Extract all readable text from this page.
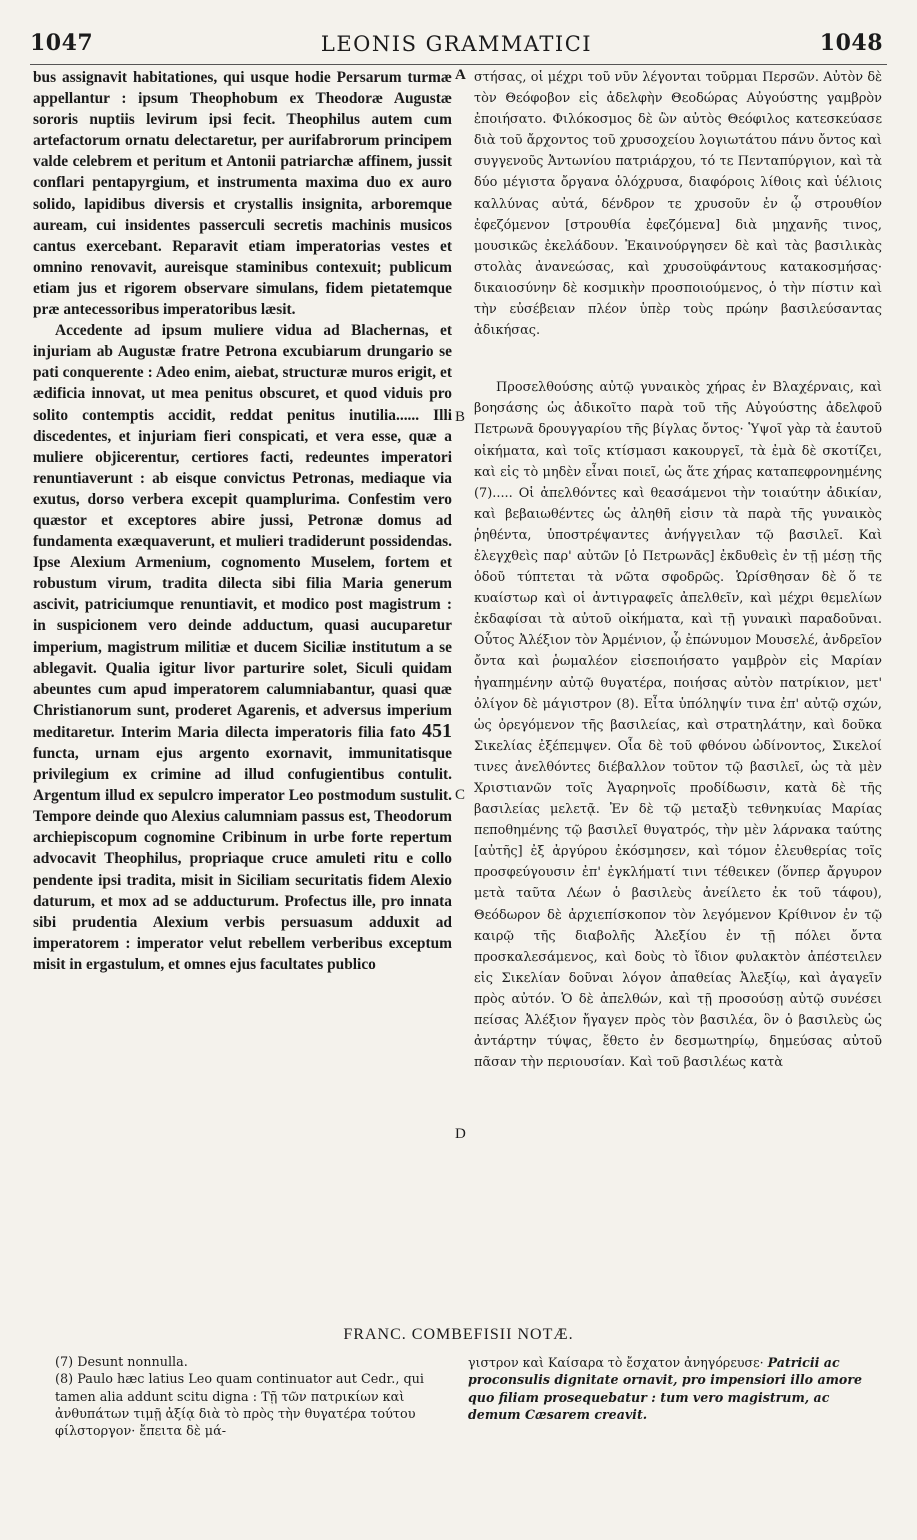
1047	LEONIS GRAMMATICI	1048

bus assignavit habitationes, qui usque hodie Persarum turmæ appellantur : ipsum Theophobum ex Theodoræ Augustæ sororis nuptiis levirum ipsi fecit. Theophilus autem cum artefactorum ornatu delectaretur, per aurifabrorum principem valde celebrem et peritum et Antonii patriarchæ affinem, jussit conflari pentapyrgium, et instrumenta maxima duo ex auro solido, lapidibus diversis et crystallis insignita, arboremque auream, cui insidentes passerculi secretis machinis musicos cantus exercebant. Reparavit etiam imperatorias vestes et omnino renovavit, aureisque staminibus contexuit; publicum etiam jus et rigorem observare simulans, fidem pietatemque præ antecessoribus imperatoribus læsit.

Accedente ad ipsum muliere vidua ad Blachernas, et injuriam ab Augustæ fratre Petrona excubiarum drungario se pati conquerente : Adeo enim, aiebat, structuræ muros erigit, et ædificia innovat, ut mea penitus obscuret, et quod viduis pro solito contemptis accidit, reddat penitus inutilia...... Illi discedentes, et injuriam fieri conspicati, et vera esse, quæ a muliere objicerentur, certiores facti, redeuntes imperatori renuntiaverunt : ab eisque convictus Petronas, mediaque via exutus, dorso verbera excepit quamplurima. Confestim vero quæstor et exceptores abire jussi, Petronæ domus ad fundamenta exæquaverunt, et mulieri tradiderunt possidendas. Ipse Alexium Armenium, cognomento Muselem, fortem et robustum virum, tradita dilecta sibi filia Maria generum ascivit, patriciumque renuntiavit, et modico post magistrum : in suspicionem vero deinde adductum, quasi aucuparetur imperium, magistrum militiæ et ducem Siciliæ institutum a se ablegavit. Qualia igitur livor parturire solet, Siculi quidam abeuntes cum apud imperatorem calumniabantur, quasi quæ Christianorum sunt, proderet Agarenis, et adversus imperium meditaretur. Interim Maria dilecta imperatoris filia fato 451 functa, urnam ejus argento exornavit, immunitatisque privilegium ex crimine ad illud confugientibus contulit. Argentum illud ex sepulcro imperator Leo postmodum sustulit. Tempore deinde quo Alexius calumniam passus est, Theodorum archiepiscopum cognomine Cribinum in urbe forte repertum advocavit Theophilus, propriaque cruce amuleti ritu e collo pendente ipsi tradita, misit in Siciliam securitatis fidem Alexio daturum, et mox ad se adducturum. Profectus ille, pro innata sibi prudentia Alexium verbis persuasum adduxit ad imperatorem : imperator velut rebellem verberibus exceptum misit in ergastulum, et omnes ejus facultates publico

A
B
C
D

στήσας, οἱ μέχρι τοῦ νῦν λέγονται τοῦρμαι Περσῶν. Αὐτὸν δὲ τὸν Θεόφοβον εἰς ἀδελφὴν Θεοδώρας Αὐγούστης γαμβρὸν ἐποιήσατο. Φιλόκοσμος δὲ ὢν αὐτὸς Θεόφιλος κατεσκεύασε διὰ τοῦ ἄρχοντος τοῦ χρυσοχείου λογιωτάτου πάνυ ὄντος καὶ συγγενοῦς Ἀντωνίου πατριάρχου, τό τε Πενταπύργιον, καὶ τὰ δύο μέγιστα ὄργανα ὁλόχρυσα, διαφόροις λίθοις καὶ ὑέλιοις καλλύνας αὐτά, δένδρον τε χρυσοῦν ἐν ᾧ στρουθίον ἐφεζόμενον [στρουθία ἐφεζόμενα] διὰ μηχανῆς τινος, μουσικῶς ἐκελάδουν. Ἐκαινούργησεν δὲ καὶ τὰς βασιλικὰς στολὰς ἀνανεώσας, καὶ χρυσοϋφάντους κατακοσμήσας· δικαιοσύνην δὲ κοσμικὴν προσποιούμενος, ὁ τὴν πίστιν καὶ τὴν εὐσέβειαν πλέον ὑπὲρ τοὺς πρώην βασιλεύσαντας ἀδικήσας.

Προσελθούσης αὐτῷ γυναικὸς χήρας ἐν Βλαχέρναις, καὶ βοησάσης ὡς ἀδικοῖτο παρὰ τοῦ τῆς Αὐγούστης ἀδελφοῦ Πετρωνᾶ δρουγγαρίου τῆς βίγλας ὄντος· Ὑψοῖ γὰρ τὰ ἑαυτοῦ οἰκήματα, καὶ τοῖς κτίσμασι κακουργεῖ, τὰ ἐμὰ δὲ σκοτίζει, καὶ εἰς τὸ μηδὲν εἶναι ποιεῖ, ὡς ἅτε χήρας καταπεφρονημένης (7)..... Οἱ ἀπελθόντες καὶ θεασάμενοι τὴν τοιαύτην ἀδικίαν, καὶ βεβαιωθέντες ὡς ἀληθῆ εἰσιν τὰ παρὰ τῆς γυναικὸς ῥηθέντα, ὑποστρέψαντες ἀνήγγειλαν τῷ βασιλεῖ. Καὶ ἐλεγχθεὶς παρ' αὐτῶν [ὁ Πετρωνᾶς] ἐκδυθεὶς ἐν τῇ μέσῃ τῆς ὁδοῦ τύπτεται τὰ νῶτα σφοδρῶς. Ὡρίσθησαν δὲ ὅ τε κυαίστωρ καὶ οἱ ἀντιγραφεῖς ἀπελθεῖν, καὶ μέχρι θεμελίων ἐκδαφίσαι τὰ αὐτοῦ οἰκήματα, καὶ τῇ γυναικὶ παραδοῦναι. Οὗτος Ἀλέξιον τὸν Ἀρμένιον, ᾧ ἐπώνυμον Μουσελέ, ἀνδρεῖον ὄντα καὶ ῥωμαλέον εἰσεποιήσατο γαμβρὸν εἰς Μαρίαν ἠγαπημένην αὐτῷ θυγατέρα, ποιήσας αὐτὸν πατρίκιον, μετ' ὀλίγον δὲ μάγιστρον (8). Εἶτα ὑπόληψίν τινα ἐπ' αὐτῷ σχών, ὡς ὀρεγόμενον τῆς βασιλείας, καὶ στρατηλάτην, καὶ δοῦκα Σικελίας ἐξέπεμψεν. Οἷα δὲ τοῦ φθόνου ὠδίνοντος, Σικελοί τινες ἀνελθόντες διέβαλλον τοῦτον τῷ βασιλεῖ, ὡς τὰ μὲν Χριστιανῶν τοῖς Ἀγαρηνοῖς προδίδωσιν, κατὰ δὲ τῆς βασιλείας μελετᾷ. Ἐν δὲ τῷ μεταξὺ τεθνηκυίας Μαρίας πεποθημένης τῷ βασιλεῖ θυγατρός, τὴν μὲν λάρνακα ταύτης [αὐτῆς] ἐξ ἀργύρου ἐκόσμησεν, καὶ τόμον ἐλευθερίας τοῖς προσφεύγουσιν ἐπ' ἐγκλήματί τινι τέθεικεν (ὅνπερ ἄργυρον μετὰ ταῦτα Λέων ὁ βασιλεὺς ἀνείλετο ἐκ τοῦ τάφου), Θεόδωρον δὲ ἀρχιεπίσκοπον τὸν λεγόμενον Κρίθινον ἐν τῷ καιρῷ τῆς διαβολῆς Ἀλεξίου ἐν τῇ πόλει ὄντα προσκαλεσάμενος, καὶ δοὺς τὸ ἴδιον φυλακτὸν ἀπέστειλεν εἰς Σικελίαν δοῦναι λόγον ἀπαθείας Ἀλεξίῳ, καὶ ἀγαγεῖν πρὸς αὐτόν. Ὁ δὲ ἀπελθών, καὶ τῇ προσούσῃ αὐτῷ συνέσει πείσας Ἀλέξιον ἤγαγεν πρὸς τὸν βασιλέα, ὃν ὁ βασιλεὺς ὡς ἀντάρτην τύψας, ἔθετο ἐν δεσμωτηρίῳ, δημεύσας αὐτοῦ πᾶσαν τὴν περιουσίαν. Καὶ τοῦ βασιλέως κατὰ

FRANC. COMBEFISII NOTÆ.

(7) Desunt nonnulla.

(8) Paulo hæc latius Leo quam continuator aut Cedr., qui tamen alia addunt scitu digna : Τῇ τῶν πατρικίων καὶ ἀνθυπάτων τιμῇ ἀξίᾳ διὰ τὸ πρὸς τὴν θυγατέρα τούτου φίλστοργον· ἔπειτα δὲ μά-

γιστρον καὶ Καίσαρα τὸ ἔσχατον ἀνηγόρευσε· Patricii ac proconsulis dignitate ornavit, pro impensiori illo amore quo filiam prosequebatur : tum vero magistrum, ac demum Cæsarem creavit.
